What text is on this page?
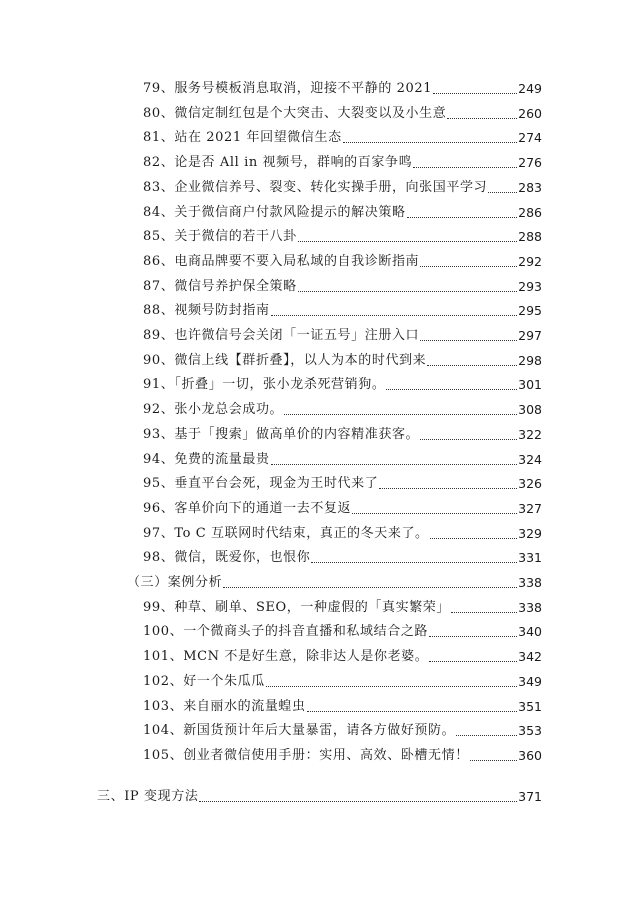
79、服务号模板消息取消，迎接不平静的 2021	249
80、微信定制红包是个大突击、大裂变以及小生意	260
81、站在 2021 年回望微信生态	274
82、论是否 All in 视频号，群响的百家争鸣	276
83、企业微信养号、裂变、转化实操手册，向张国平学习 283
84、关于微信商户付款风险提示的解决策略	286
85、关于微信的若干八卦	288
86、电商品牌要不要入局私域的自我诊断指南	292
87、微信号养护保全策略	293
88、视频号防封指南	295
89、也许微信号会关闭「一证五号」注册入口	297
90、微信上线【群折叠】，以人为本的时代到来	298
91、「折叠」一切，张小龙杀死营销狗。	301
92、张小龙总会成功。	308
93、基于「搜索」做高单价的内容精准获客。	322
94、免费的流量最贵	324
95、垂直平台会死，现金为王时代来了	326
96、客单价向下的通道一去不复返	327
97、To C 互联网时代结束，真正的冬天来了。	329
98、微信，既爱你，也恨你	331
（三）案例分析	338
99、种草、刷单、SEO，一种虚假的「真实繁荣」	338
100、一个微商头子的抖音直播和私域结合之路	340
101、MCN 不是好生意，除非达人是你老婆。	342
102、好一个朱瓜瓜	349
103、来自丽水的流量蝗虫	351
104、新国货预计年后大量暴雷，请各方做好预防。	353
105、创业者微信使用手册：实用、高效、卧槽无情！	360
三、IP 变现方法	371
